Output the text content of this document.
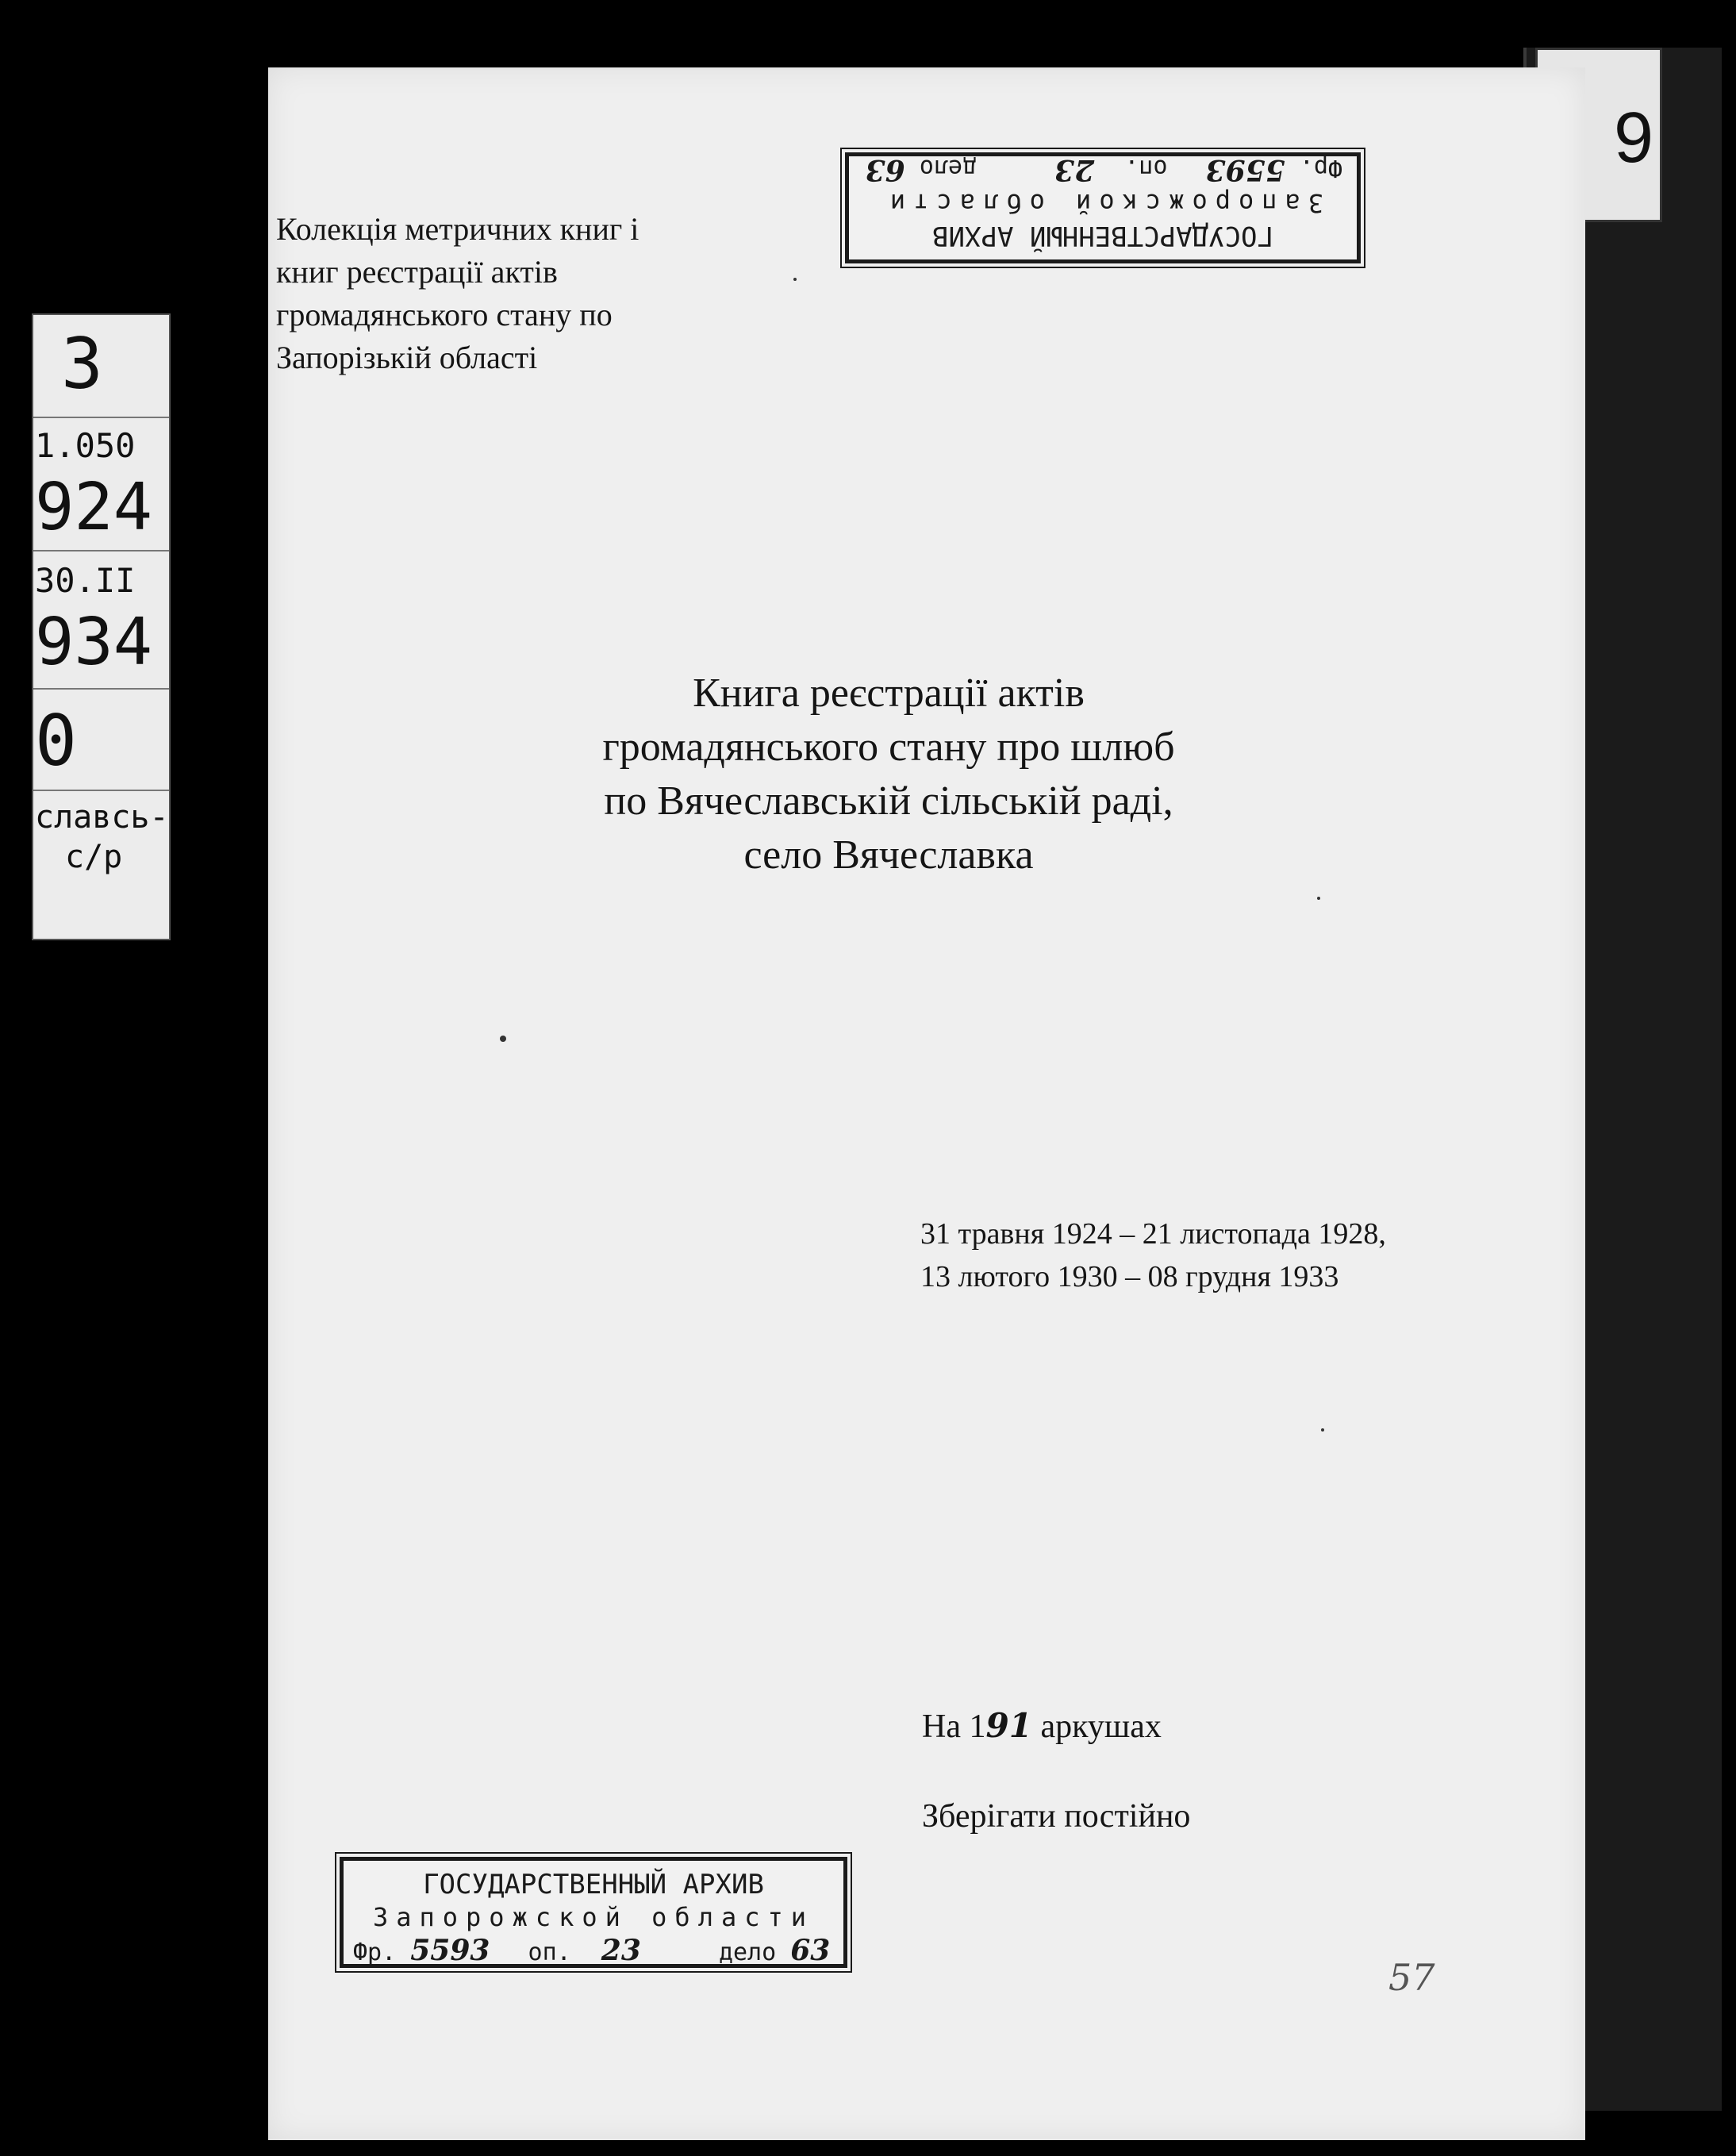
9
3
1.050
924
30.II
934
0
славсь-
с/р
Колекція метричних книг і
книг реєстрації актів
громадянського стану по
Запорізькій області
Книга реєстрації актів
громадянського стану про шлюб
по Вячеславській сільській раді,
село Вячеславка
31 травня 1924 – 21 листопада 1928,
13 лютого 1930 – 08 грудня 1933
На 191 аркушах
Зберігати постійно
ГОСУДАРСТВЕННЫЙ АРХИВ
Запорожской области
Фр. 5593 оп. 23 дело 63
ГОСУДАРСТВЕННЫЙ АРХИВ
Запорожской области
Фр. 5593 оп. 23	дело 63
57
